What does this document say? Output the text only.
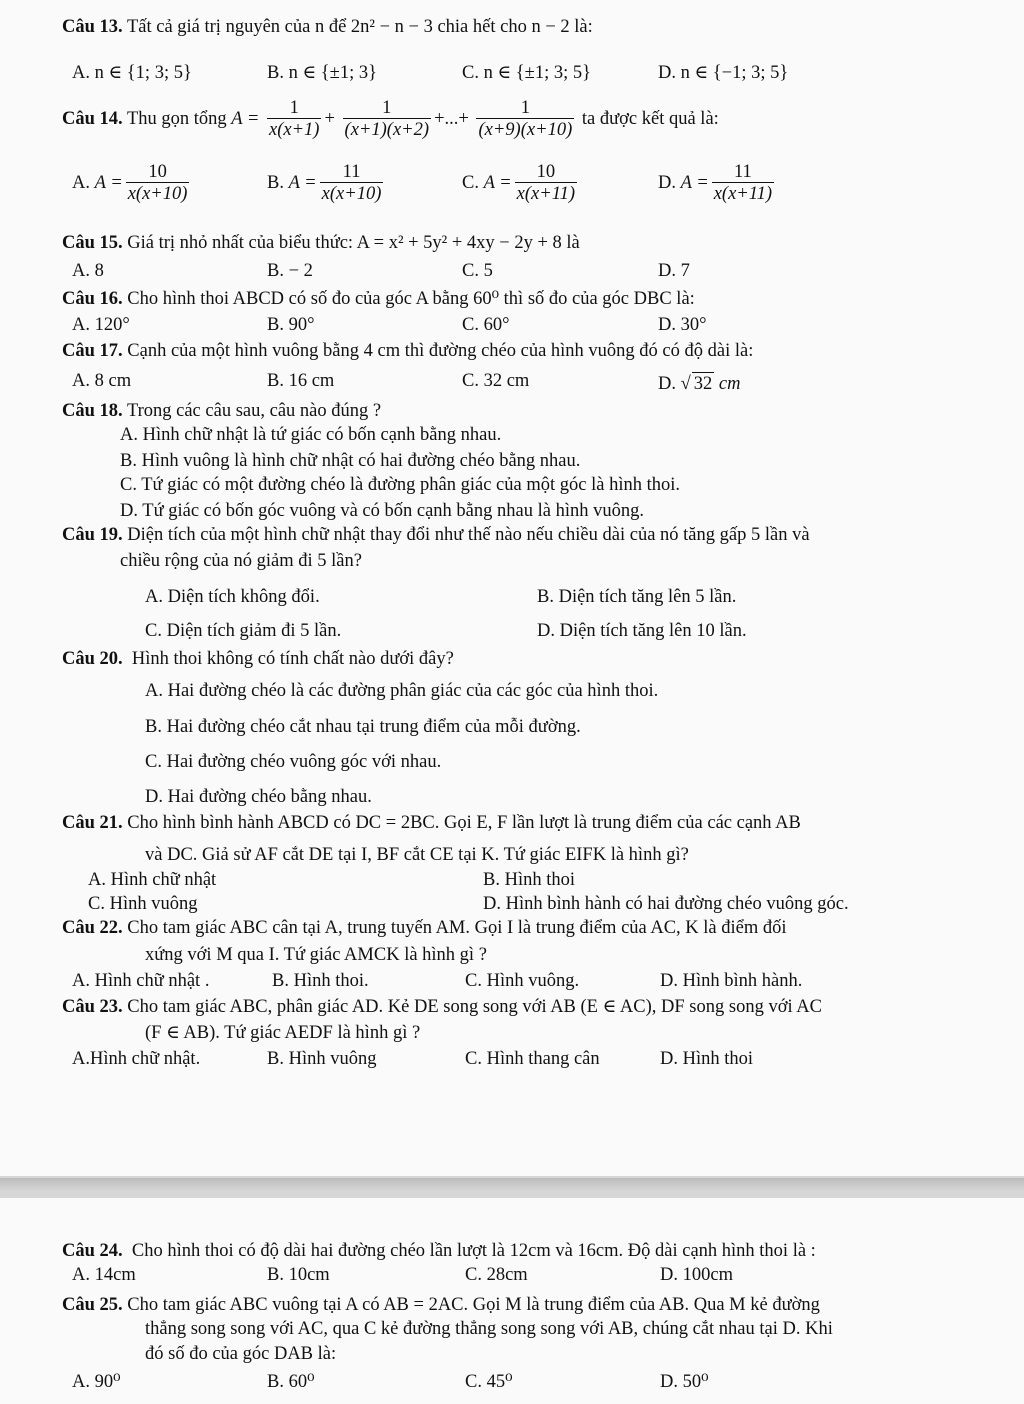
Câu 13. Tất cả giá trị nguyên của n để 2n² − n − 3 chia hết cho n − 2 là:
A. n ∈ {1; 3; 5}	B. n ∈ {±1; 3}	C. n ∈ {±1; 3; 5}	D. n ∈ {−1; 3; 5}
Câu 14. Thu gọn tổng $A = \frac{1}{x(x+1)} + \frac{1}{(x+1)(x+2)}$ +...+ $\frac{1}{(x+9)(x+10)}$ ta được kết quả là:
A. $A = \frac{10}{x(x+10)}$	B. $A = \frac{11}{x(x+10)}$	C. $A = \frac{10}{x(x+11)}$	D. $A = \frac{11}{x(x+11)}$
Câu 15. Giá trị nhỏ nhất của biểu thức: A = x² + 5y² + 4xy − 2y + 8 là
A. 8	B. − 2	C. 5	D. 7
Câu 16. Cho hình thoi ABCD có số đo của góc A bằng 60⁰ thì số đo của góc DBC là:
A. 120°	B. 90°	C. 60°	D. 30°
Câu 17. Cạnh của một hình vuông bằng 4 cm thì đường chéo của hình vuông đó có độ dài là:
A. 8 cm	B. 16 cm	C. 32 cm	D. √ 32 cm
Câu 18. Trong các câu sau, câu nào đúng ?
A. Hình chữ nhật là tứ giác có bốn cạnh bằng nhau.
B. Hình vuông là hình chữ nhật có hai đường chéo bằng nhau.
C. Tứ giác có một đường chéo là đường phân giác của một góc là hình thoi.
D. Tứ giác có bốn góc vuông và có bốn cạnh bằng nhau là hình vuông.
Câu 19. Diện tích của một hình chữ nhật thay đổi như thế nào nếu chiều dài của nó tăng gấp 5 lần và
chiều rộng của nó giảm đi 5 lần?
A. Diện tích không đổi.	B. Diện tích tăng lên 5 lần.
C. Diện tích giảm đi 5 lần.	D. Diện tích tăng lên 10 lần.
Câu 20. Hình thoi không có tính chất nào dưới đây?
A. Hai đường chéo là các đường phân giác của các góc của hình thoi.
B. Hai đường chéo cắt nhau tại trung điểm của mỗi đường.
C. Hai đường chéo vuông góc với nhau.
D. Hai đường chéo bằng nhau.
Câu 21. Cho hình bình hành ABCD có DC = 2BC. Gọi E, F lần lượt là trung điểm của các cạnh AB
và DC. Giả sử AF cắt DE tại I, BF cắt CE tại K. Tứ giác EIFK là hình gì?
A. Hình chữ nhật	B. Hình thoi
C. Hình vuông	D. Hình bình hành có hai đường chéo vuông góc.
Câu 22. Cho tam giác ABC cân tại A, trung tuyến AM. Gọi I là trung điểm của AC, K là điểm đối
xứng với M qua I. Tứ giác AMCK là hình gì ?
A. Hình chữ nhật .	B. Hình thoi.	C. Hình vuông.	D. Hình bình hành.
Câu 23. Cho tam giác ABC, phân giác AD. Kẻ DE song song với AB (E ∈ AC), DF song song với AC
(F ∈ AB). Tứ giác AEDF là hình gì ?
A.Hình chữ nhật.	B. Hình vuông	C. Hình thang cân	D. Hình thoi
Câu 24. Cho hình thoi có độ dài hai đường chéo lần lượt là 12cm và 16cm. Độ dài cạnh hình thoi là :
A. 14cm	B. 10cm	C. 28cm	D. 100cm
Câu 25. Cho tam giác ABC vuông tại A có AB = 2AC. Gọi M là trung điểm của AB. Qua M kẻ đường
thẳng song song với AC, qua C kẻ đường thẳng song song với AB, chúng cắt nhau tại D. Khi
đó số đo của góc DAB là:
A. 90⁰	B. 60⁰	C. 45⁰	D. 50⁰
